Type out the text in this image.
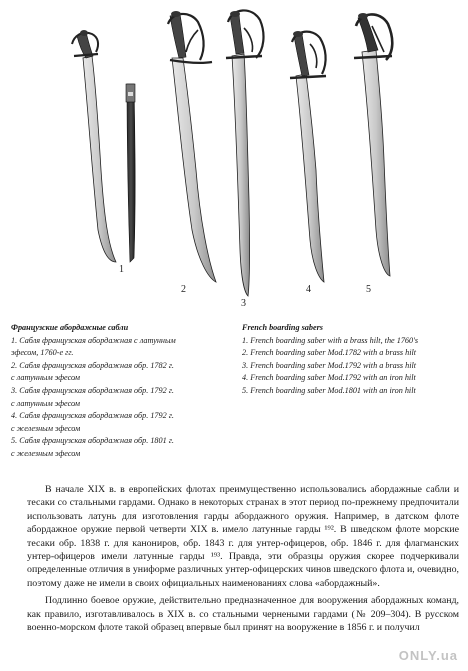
1
2
3
4	5
Французские абордажные сабли
1. Сабля французская абордажная с латунным
эфесом, 1760-е гг.
2. Сабля французская абордажная обр. 1782 г.
с латунным эфесом
3. Сабля французская абордажная обр. 1792 г.
с латунным эфесом
4. Сабля французская абордажная обр. 1792 г.
с железным эфесом
5. Сабля французская абордажная обр. 1801 г.
с железным эфесом
French boarding sabers
1. French boarding saber with a brass hilt, the 1760's
2. French boarding saber Mod.1782 with a brass hilt
3. French boarding saber Mod.1792 with a brass hilt
4. French boarding saber Mod.1792 with an iron hilt
5. French boarding saber Mod.1801 with an iron hilt

В начале XIX в. в европейских флотах преимущественно использовались абордажные сабли и тесаки со стальными гардами. Однако в некоторых странах в этот период по-прежнему предпочитали использовать латунь для изготовления гарды абордажного оружия. Например, в датском флоте абордажное оружие первой четверти XIX в. имело латунные гарды ¹⁹². В шведском флоте морские тесаки обр. 1838 г. для канониров, обр. 1843 г. для унтер-офицеров, обр. 1846 г. для флагманских унтер-офицеров имели латунные гарды ¹⁹³. Правда, эти образцы оружия скорее подчеркивали определенные отличия в униформе различных унтер-офицерских чинов шведского флота и, очевидно, поэтому даже не имели в своих официальных наименованиях слова «абордажный».

Подлинно боевое оружие, действительно предназначенное для вооружения абордажных команд, как правило, изготавливалось в XIX в. со стальными чернеными гардами (№ 209–304). В русском военно-морском флоте такой образец впервые был принят на вооружение в 1856 г. и получил

ONLY.ua
